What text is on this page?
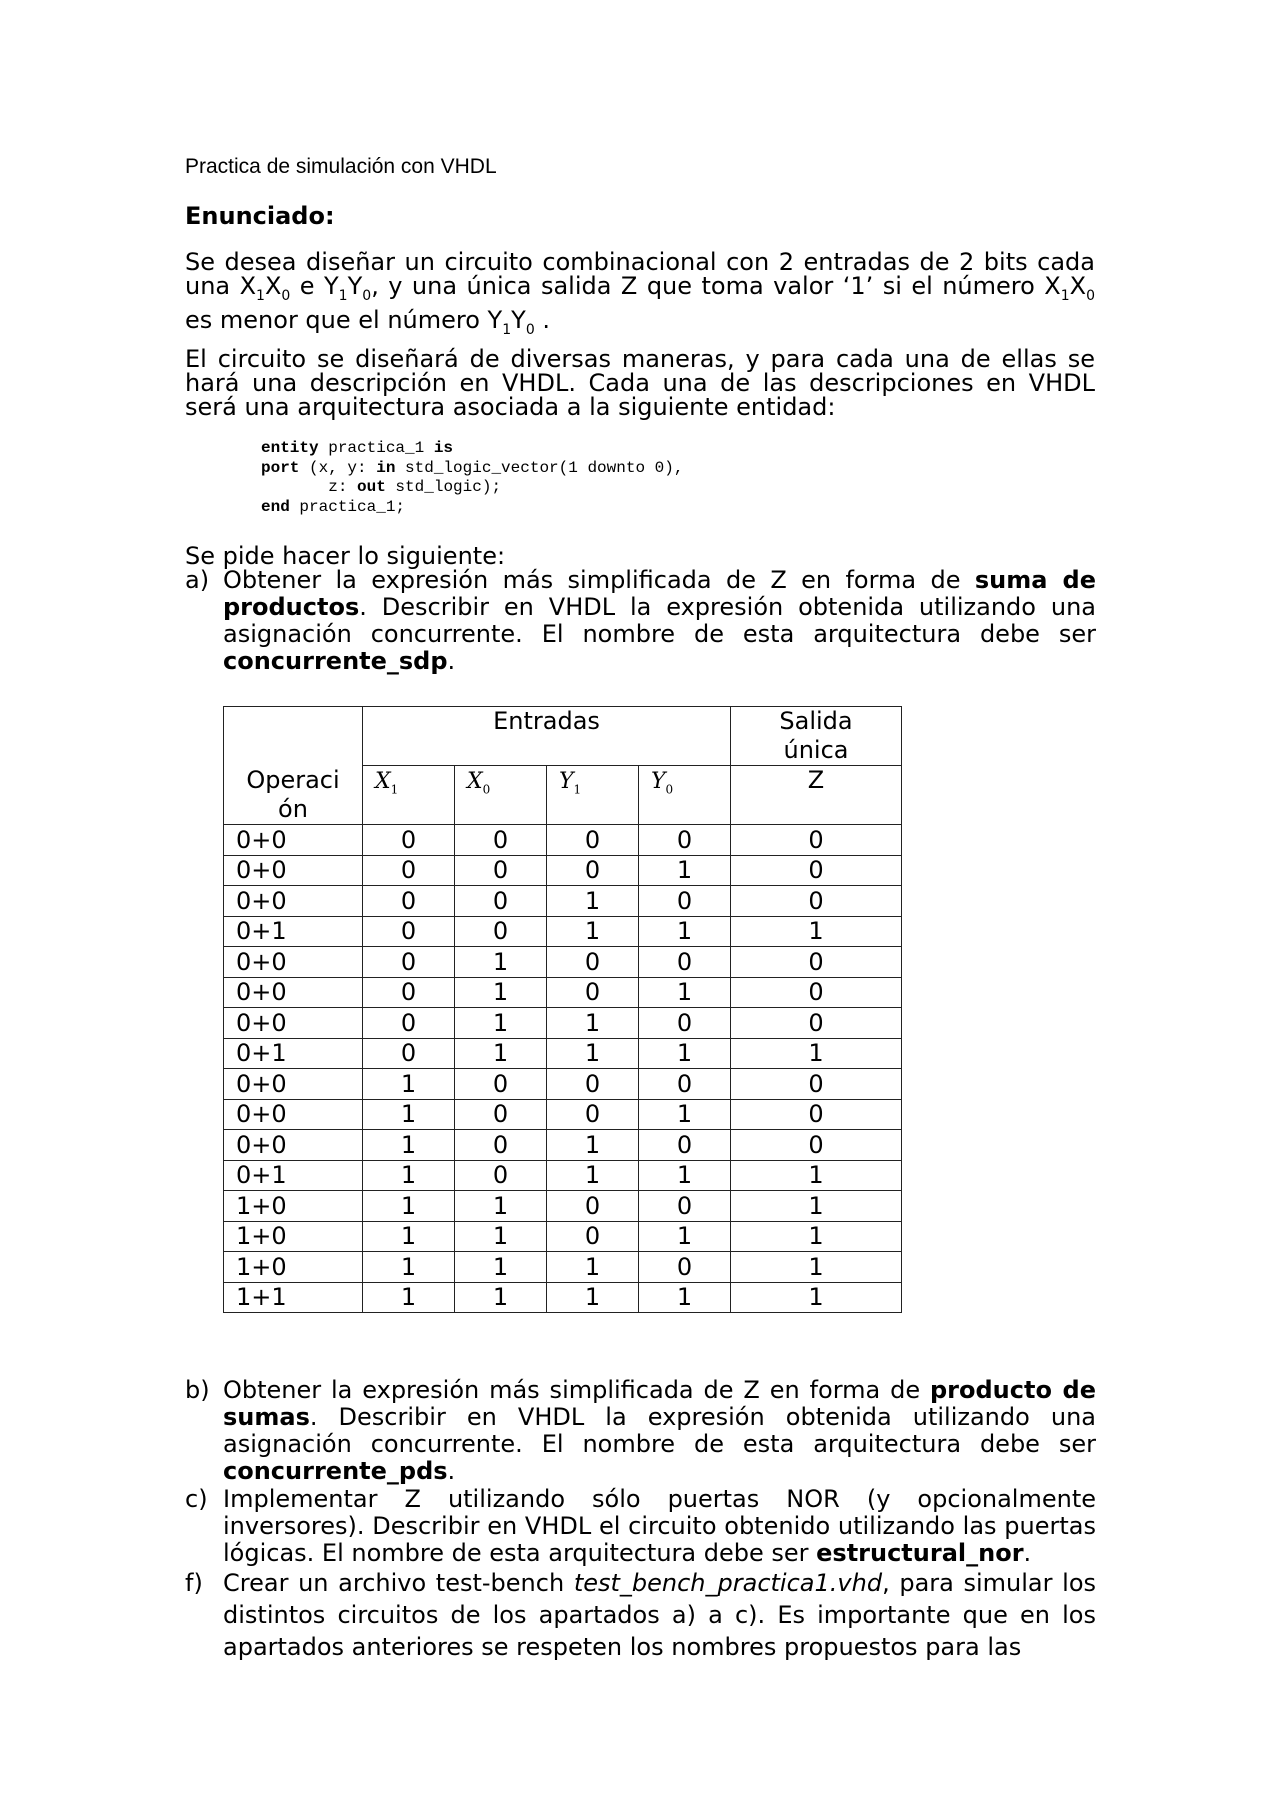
Practica de simulación con VHDL
Enunciado:
Se desea diseñar un circuito combinacional con 2 entradas de 2 bits cada una $X_1X_0$ e $Y_1Y_0$, y una única salida Z que toma valor ‘1’ si el número $X_1X_0$ es menor que el número $Y_1Y_0$ .
El circuito se diseñará de diversas maneras, y para cada una de ellas se hará una descripción en VHDL. Cada una de las descripciones en VHDL será una arquitectura asociada a la siguiente entidad:
entity practica_1 is
port (x, y: in std_logic_vector(1 downto 0),
z: out std_logic);
end practica_1;
Se pide hacer lo siguiente:
a) Obtener la expresión más simplificada de Z en forma de suma de productos. Describir en VHDL la expresión obtenida utilizando una asignación concurrente. El nombre de esta arquitectura debe ser concurrente_sdp.
Operaci
ón	Entradas				Salida
única
	$X_1$	$X_0$	$Y_1$	$Y_0$	Z
0+0	0	0	0	0	0
0+0	0	0	0	1	0
0+0	0	0	1	0	0
0+1	0	0	1	1	1
0+0	0	1	0	0	0
0+0	0	1	0	1	0
0+0	0	1	1	0	0
0+1	0	1	1	1	1
0+0	1	0	0	0	0
0+0	1	0	0	1	0
0+0	1	0	1	0	0
0+1	1	0	1	1	1
1+0	1	1	0	0	1
1+0	1	1	0	1	1
1+0	1	1	1	0	1
1+1	1	1	1	1	1
b) Obtener la expresión más simplificada de Z en forma de producto de sumas. Describir en VHDL la expresión obtenida utilizando una asignación concurrente. El nombre de esta arquitectura debe ser concurrente_pds.
c) Implementar Z utilizando sólo puertas NOR (y opcionalmente inversores). Describir en VHDL el circuito obtenido utilizando las puertas lógicas. El nombre de esta arquitectura debe ser estructural_nor.
f) Crear un archivo test-bench test_bench_practica1.vhd, para simular los distintos circuitos de los apartados a) a c). Es importante que en los apartados anteriores se respeten los nombres propuestos para las
